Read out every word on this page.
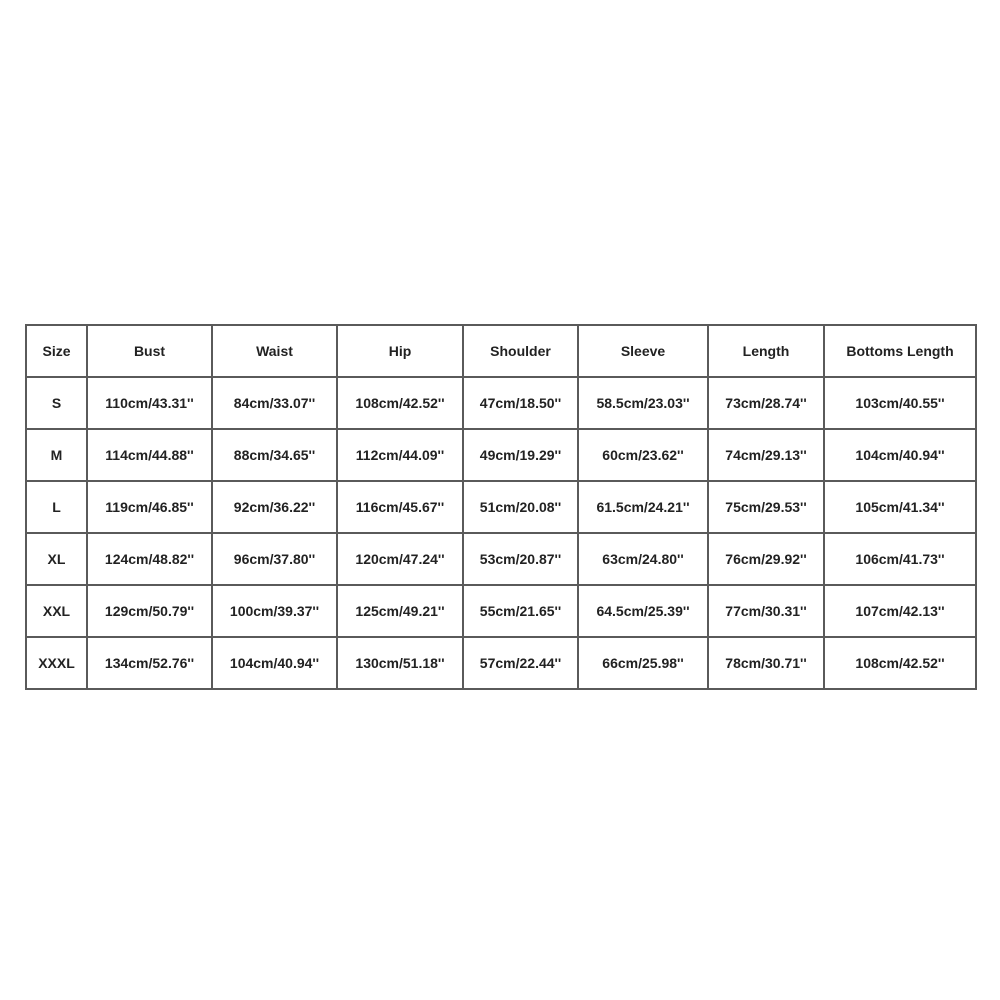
Size	Bust	Waist	Hip	Shoulder	Sleeve	Length	Bottoms Length
S	110cm/43.31''	84cm/33.07''	108cm/42.52''	47cm/18.50''	58.5cm/23.03''	73cm/28.74''	103cm/40.55''
M	114cm/44.88''	88cm/34.65''	112cm/44.09''	49cm/19.29''	60cm/23.62''	74cm/29.13''	104cm/40.94''
L	119cm/46.85''	92cm/36.22''	116cm/45.67''	51cm/20.08''	61.5cm/24.21''	75cm/29.53''	105cm/41.34''
XL	124cm/48.82''	96cm/37.80''	120cm/47.24''	53cm/20.87''	63cm/24.80''	76cm/29.92''	106cm/41.73''
XXL	129cm/50.79''	100cm/39.37''	125cm/49.21''	55cm/21.65''	64.5cm/25.39''	77cm/30.31''	107cm/42.13''
XXXL	134cm/52.76''	104cm/40.94''	130cm/51.18''	57cm/22.44''	66cm/25.98''	78cm/30.71''	108cm/42.52''
